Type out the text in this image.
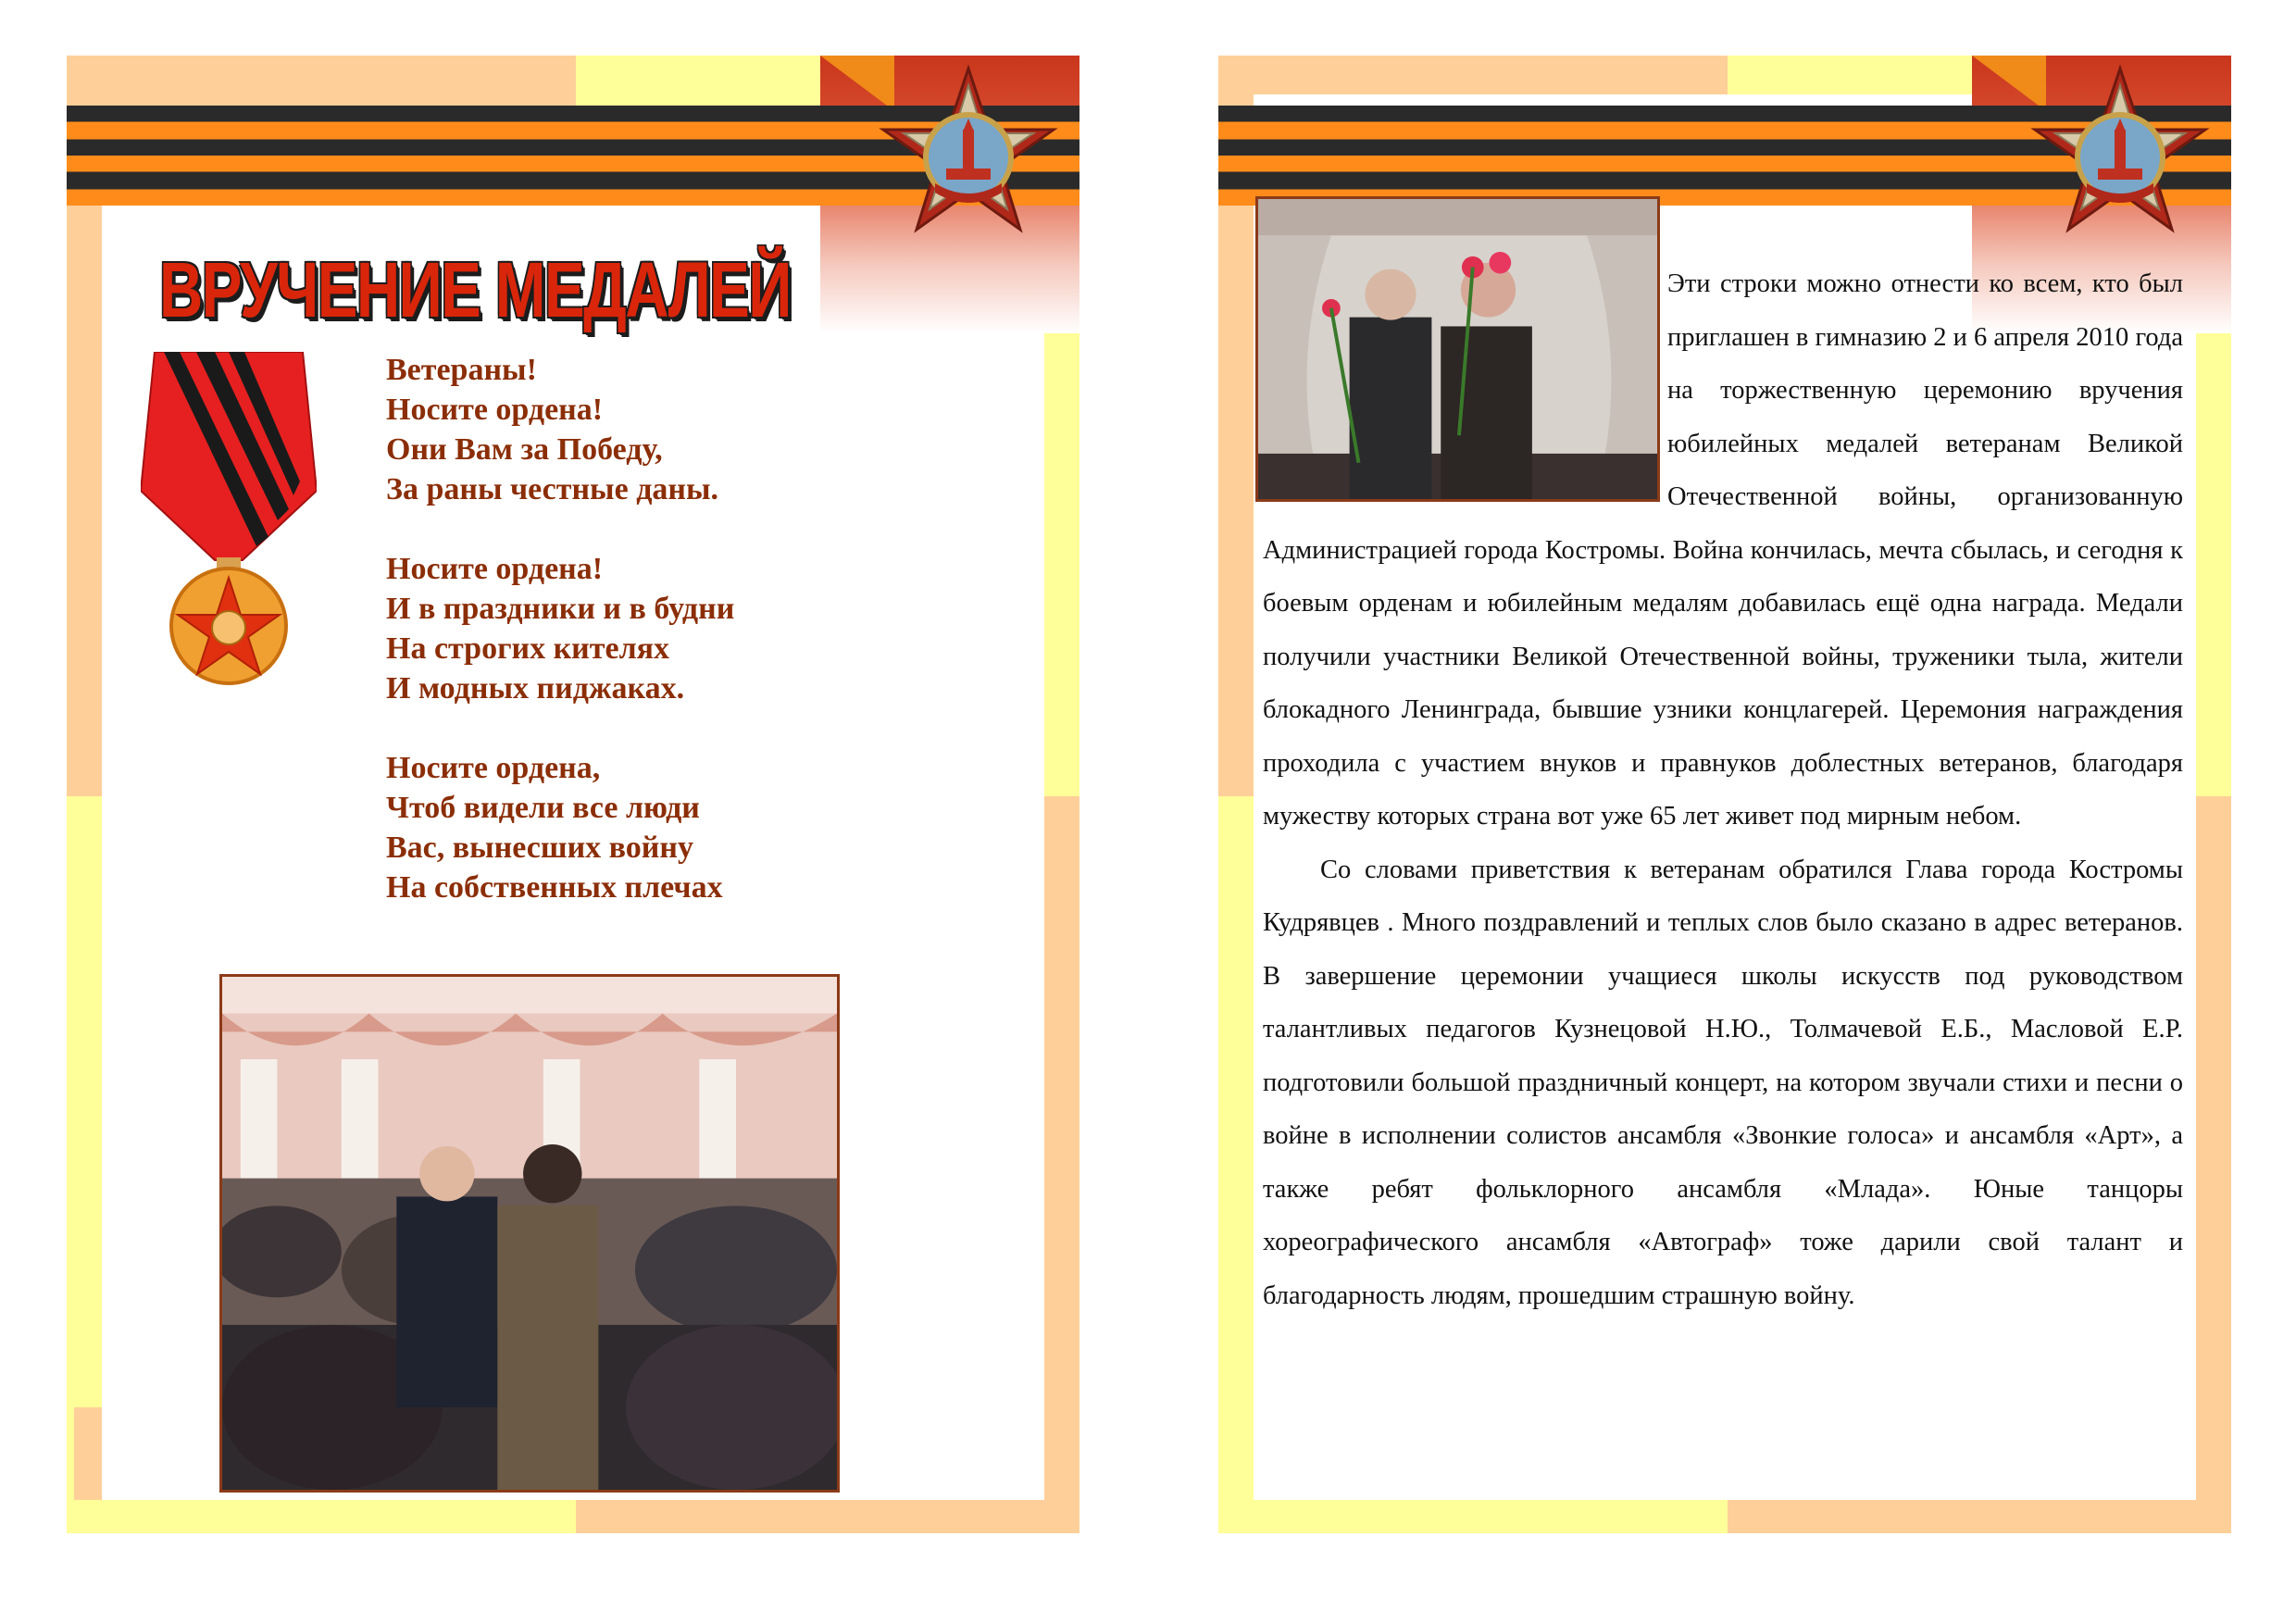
ВРУЧЕНИЕ МЕДАЛЕЙ
Ветераны!
Носите ордена!
Они Вам за Победу,
За раны честные даны.
Носите ордена!
И в праздники и в будни
На строгих кителях
И модных пиджаках.
Носите ордена,
Чтоб видели все люди
Вас, вынесших войну
На собственных плечах

Эти строки можно отнести ко всем, кто был приглашен в гимназию 2 и 6 апреля 2010 года на торжественную церемонию вручения юбилейных медалей ветеранам Великой Отечественной войны, организованную Администрацией города Костромы. Война кончилась, мечта сбылась, и сегодня к боевым орденам и юбилейным медалям добавилась ещё одна награда. Медали получили участники Великой Отечественной войны, труженики тыла, жители блокадного Ленинграда, бывшие узники концлагерей. Церемония награждения проходила с участием внуков и правнуков доблестных ветеранов, благодаря мужеству которых страна вот уже 65 лет живет под мирным небом.

Со словами приветствия к ветеранам обратился Глава города Костромы Кудрявцев . Много поздравлений и теплых слов было сказано в адрес ветеранов. В завершение церемонии учащиеся школы искусств под руководством талантливых педагогов Кузнецовой Н.Ю., Толмачевой Е.Б., Масловой Е.Р. подготовили большой праздничный концерт, на котором звучали стихи и песни о войне в исполнении солистов ансамбля «Звонкие голоса» и ансамбля «Арт», а также ребят фольклорного ансамбля «Млада». Юные танцоры хореографического ансамбля «Автограф» тоже дарили свой талант и благодарность людям, прошедшим страшную войну.
